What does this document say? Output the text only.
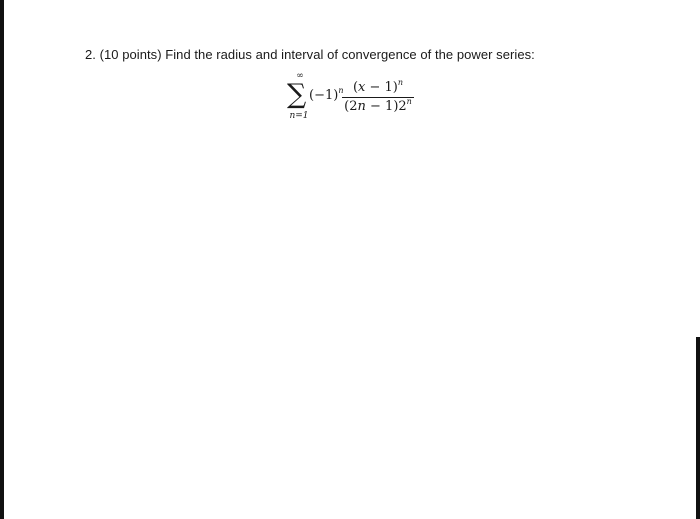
2. (10 points) Find the radius and interval of convergence of the power series:
∞
∑
n=1
$(-1)^n$ $(x - 1)^n$
$(2n - 1)2^n$
